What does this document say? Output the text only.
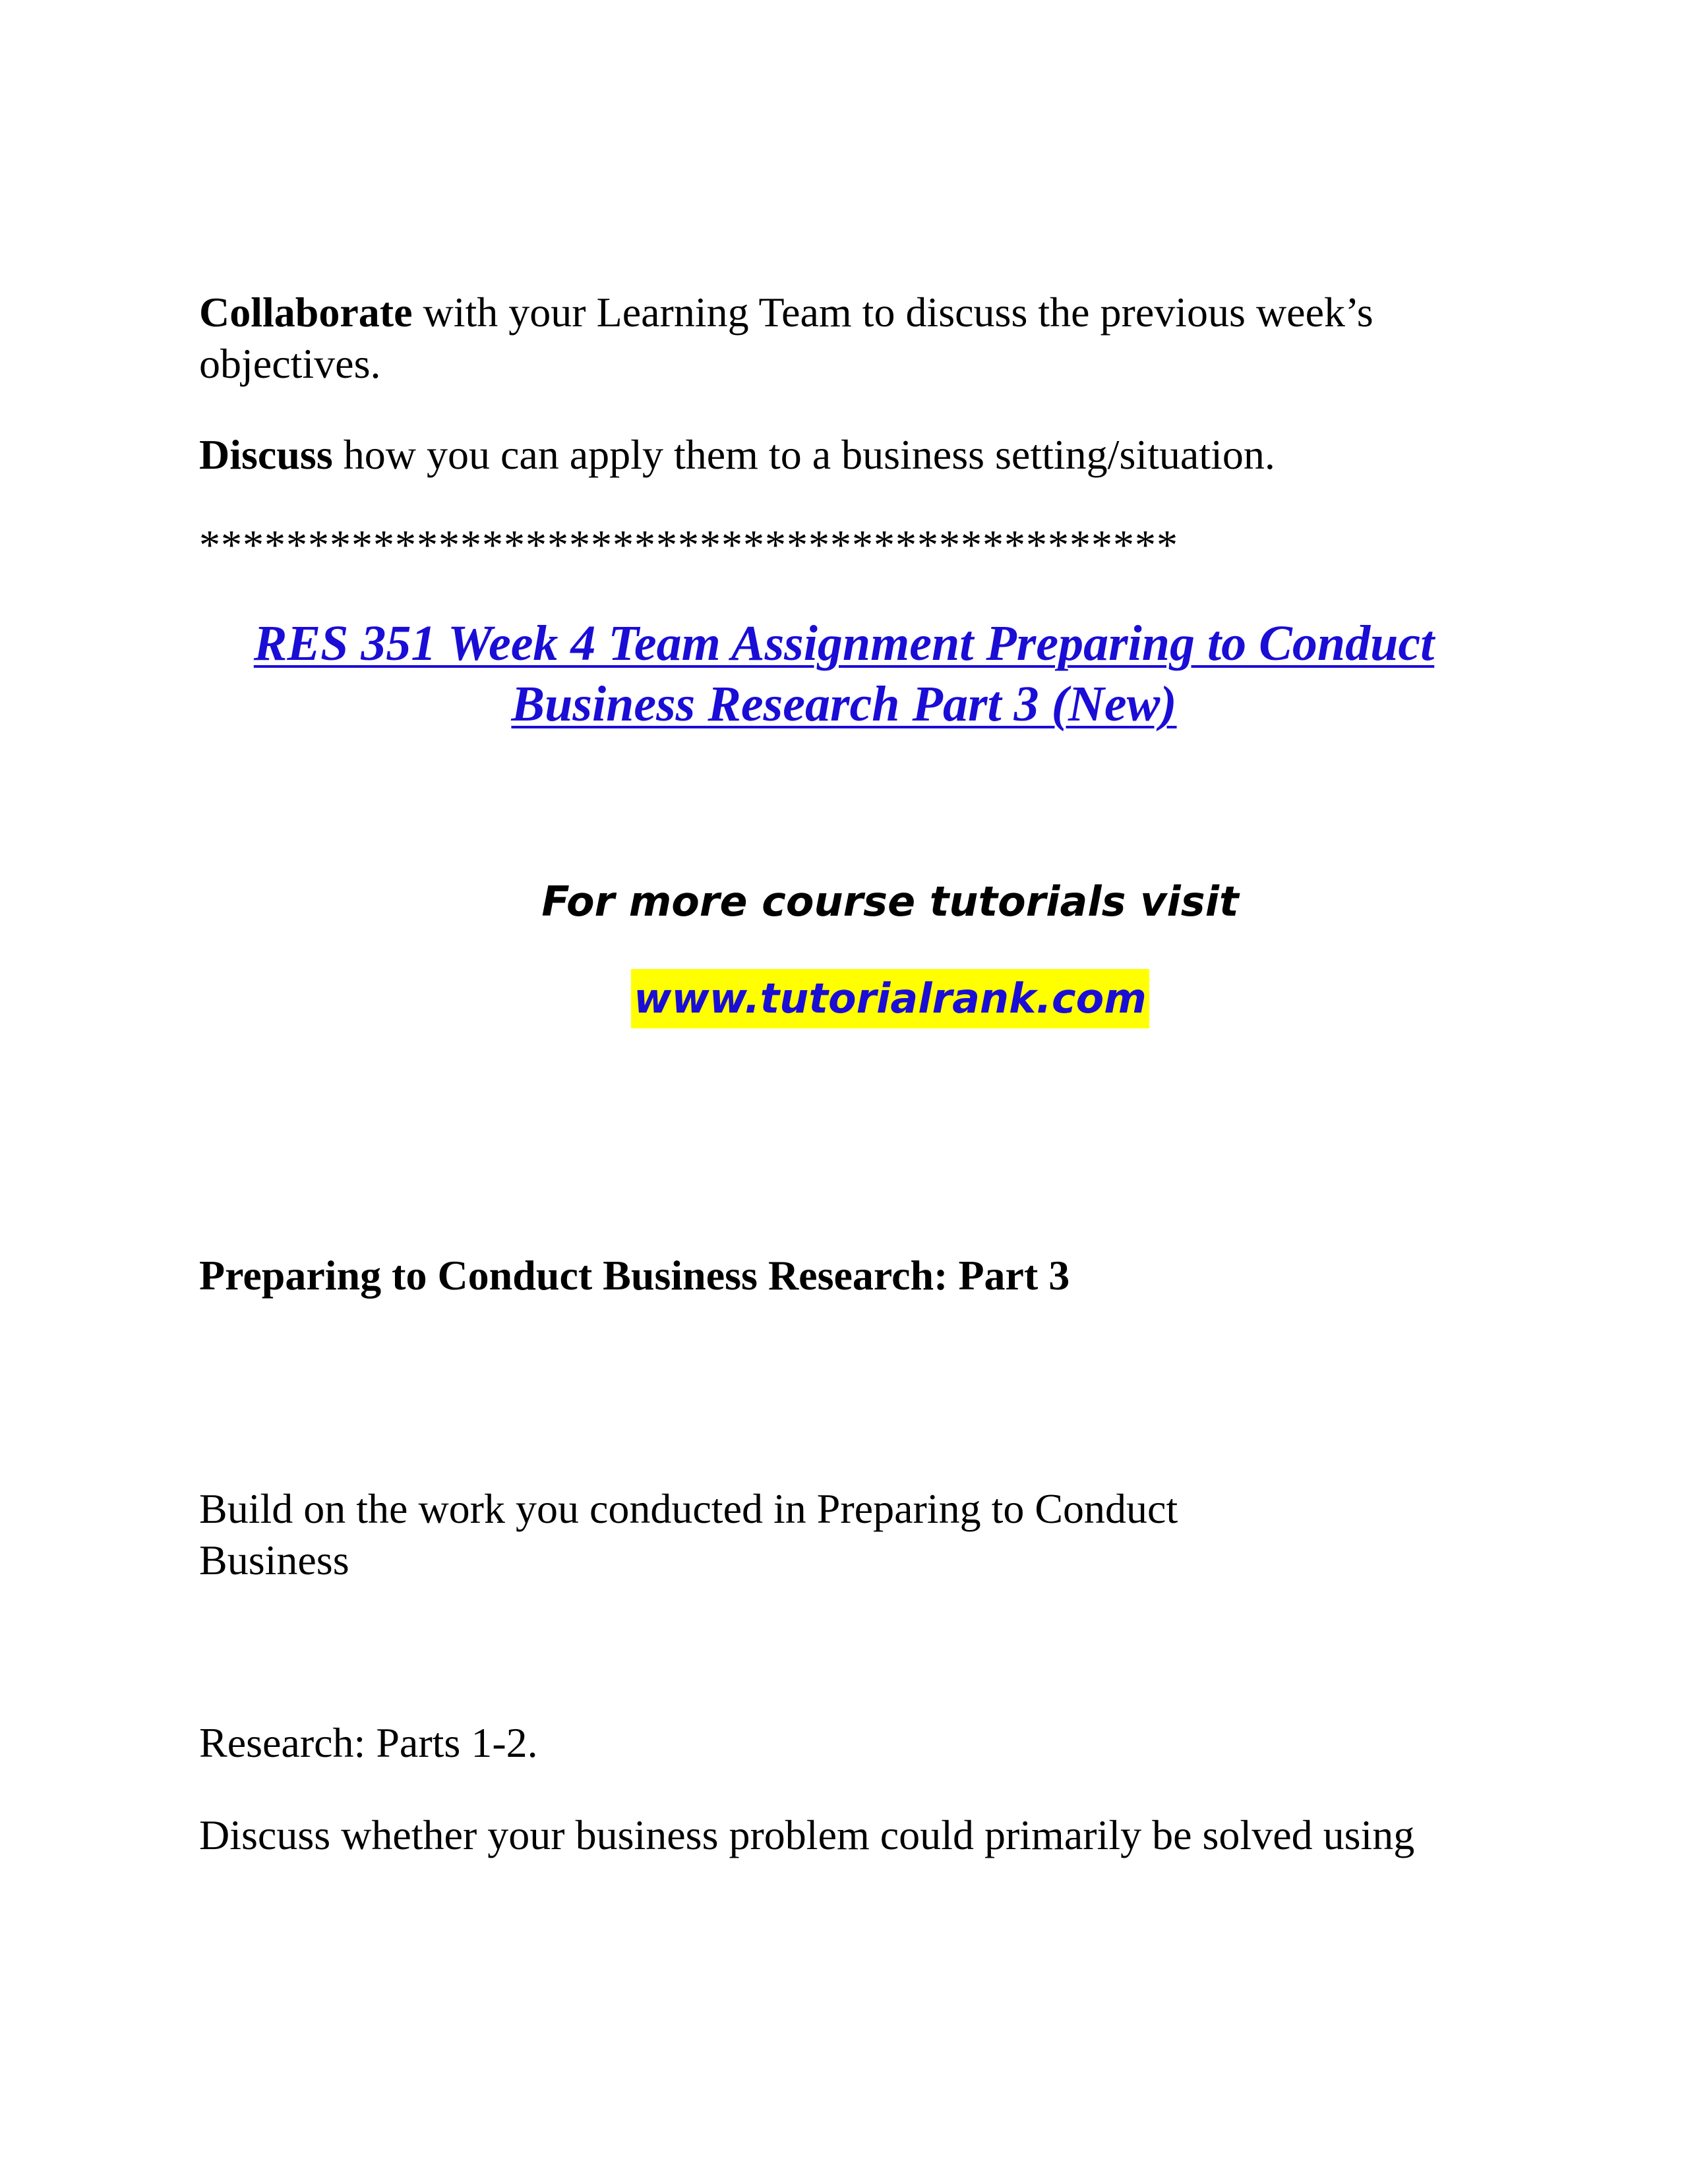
Collaborate with your Learning Team to discuss the previous week’s objectives.

Discuss how you can apply them to a business setting/situation.

*********************************************
RES 351 Week 4 Team Assignment Preparing to Conduct Business Research Part 3 (New)
For more course tutorials visit
www.tutorialrank.com

Preparing to Conduct Business Research: Part 3

Build on the work you conducted in Preparing to Conduct Business

Research: Parts 1-2.

Discuss whether your business problem could primarily be solved using
